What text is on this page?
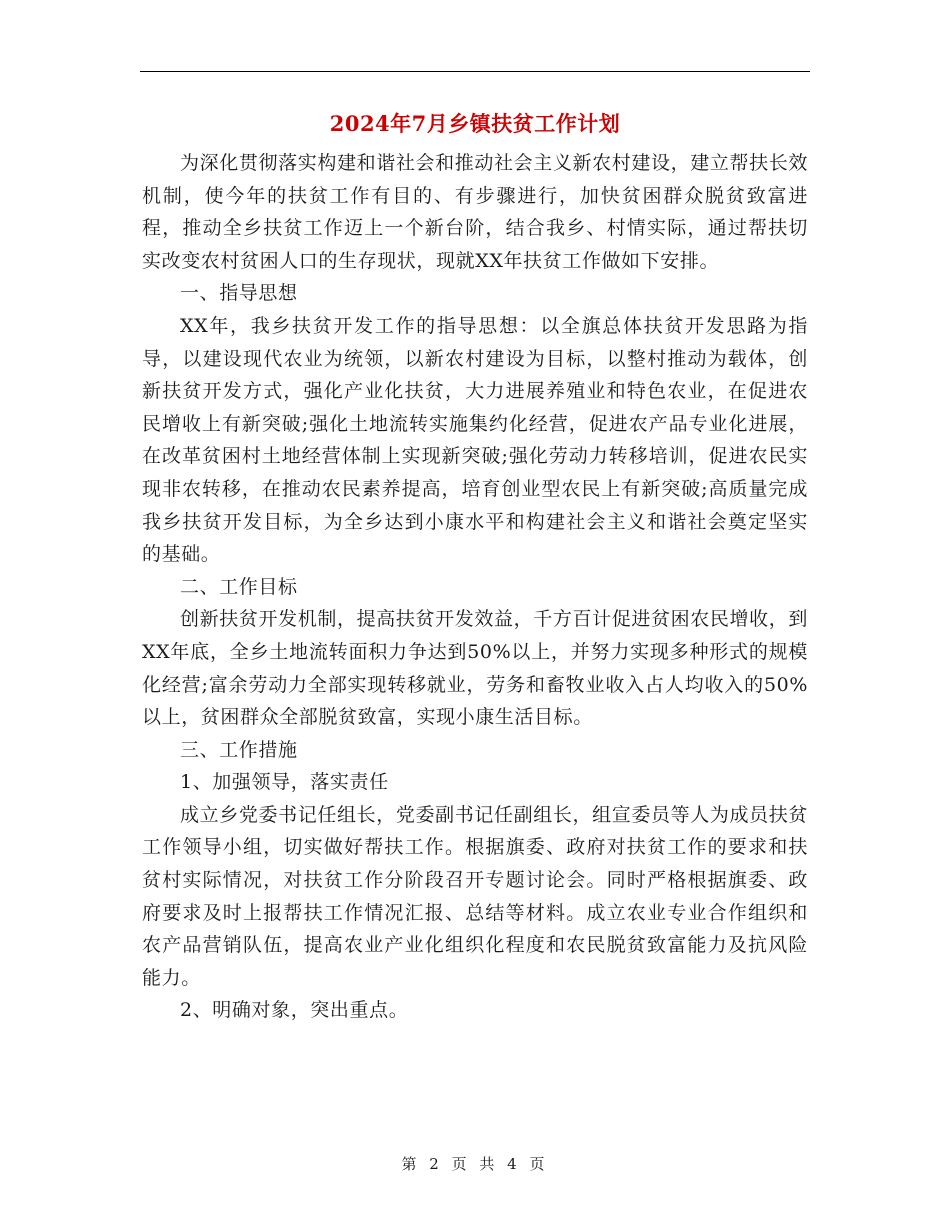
2024年7月乡镇扶贫工作计划

为深化贯彻落实构建和谐社会和推动社会主义新农村建设，建立帮扶长效机制，使今年的扶贫工作有目的、有步骤进行，加快贫困群众脱贫致富进程，推动全乡扶贫工作迈上一个新台阶，结合我乡、村情实际，通过帮扶切实改变农村贫困人口的生存现状，现就XX年扶贫工作做如下安排。

一、指导思想

XX年，我乡扶贫开发工作的指导思想：以全旗总体扶贫开发思路为指导，以建设现代农业为统领，以新农村建设为目标，以整村推动为载体，创新扶贫开发方式，强化产业化扶贫，大力进展养殖业和特色农业，在促进农民增收上有新突破;强化土地流转实施集约化经营，促进农产品专业化进展，在改革贫困村土地经营体制上实现新突破;强化劳动力转移培训，促进农民实现非农转移，在推动农民素养提高，培育创业型农民上有新突破;高质量完成我乡扶贫开发目标，为全乡达到小康水平和构建社会主义和谐社会奠定坚实的基础。

二、工作目标

创新扶贫开发机制，提高扶贫开发效益，千方百计促进贫困农民增收，到XX年底，全乡土地流转面积力争达到50%以上，并努力实现多种形式的规模化经营;富余劳动力全部实现转移就业，劳务和畜牧业收入占人均收入的50%以上，贫困群众全部脱贫致富，实现小康生活目标。

三、工作措施

1、加强领导，落实责任

成立乡党委书记任组长，党委副书记任副组长，组宣委员等人为成员扶贫工作领导小组，切实做好帮扶工作。根据旗委、政府对扶贫工作的要求和扶贫村实际情况，对扶贫工作分阶段召开专题讨论会。同时严格根据旗委、政府要求及时上报帮扶工作情况汇报、总结等材料。成立农业专业合作组织和农产品营销队伍，提高农业产业化组织化程度和农民脱贫致富能力及抗风险能力。

2、明确对象，突出重点。

第 2 页 共 4 页
